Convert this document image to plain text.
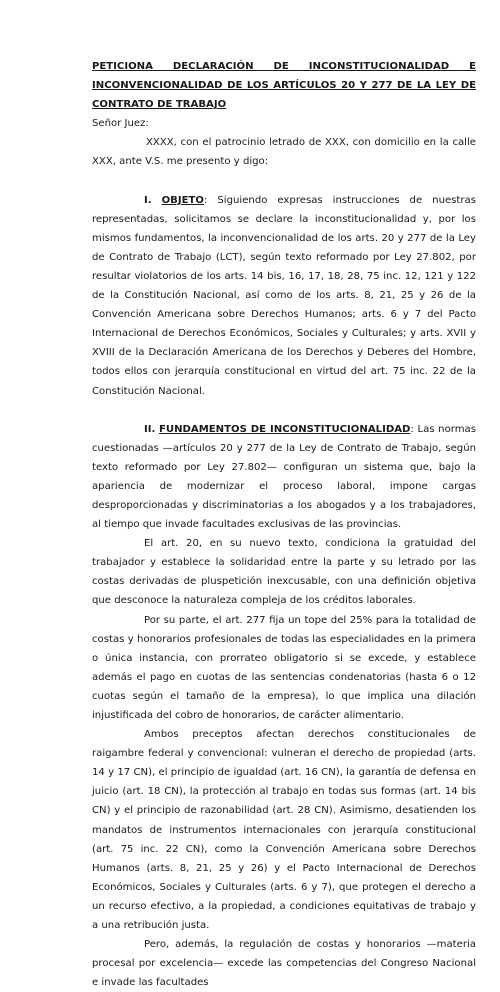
PETICIONA DECLARACIÓN DE INCONSTITUCIONALIDAD E

INCONVENCIONALIDAD DE LOS ARTÍCULOS 20 Y 277 DE LA LEY DE

CONTRATO DE TRABAJO

Señor Juez:

XXXX, con el patrocinio letrado de XXX, con domicilio en la calle XXX, ante V.S. me presento y digo:

I. OBJETO: Siguiendo expresas instrucciones de nuestras representadas, solicitamos se declare la inconstitucionalidad y, por los mismos fundamentos, la inconvencionalidad de los arts. 20 y 277 de la Ley de Contrato de Trabajo (LCT), según texto reformado por Ley 27.802, por resultar violatorios de los arts. 14 bis, 16, 17, 18, 28, 75 inc. 12, 121 y 122 de la Constitución Nacional, así como de los arts. 8, 21, 25 y 26 de la Convención Americana sobre Derechos Humanos; arts. 6 y 7 del Pacto Internacional de Derechos Económicos, Sociales y Culturales; y arts. XVII y XVIII de la Declaración Americana de los Derechos y Deberes del Hombre, todos ellos con jerarquía constitucional en virtud del art. 75 inc. 22 de la Constitución Nacional.

II. FUNDAMENTOS DE INCONSTITUCIONALIDAD: Las normas cuestionadas —artículos 20 y 277 de la Ley de Contrato de Trabajo, según texto reformado por Ley 27.802— configuran un sistema que, bajo la apariencia de modernizar el proceso laboral, impone cargas desproporcionadas y discriminatorias a los abogados y a los trabajadores, al tiempo que invade facultades exclusivas de las provincias.

El art. 20, en su nuevo texto, condiciona la gratuidad del trabajador y establece la solidaridad entre la parte y su letrado por las costas derivadas de pluspetición inexcusable, con una definición objetiva que desconoce la naturaleza compleja de los créditos laborales.

Por su parte, el art. 277 fija un tope del 25% para la totalidad de costas y honorarios profesionales de todas las especialidades en la primera o única instancia, con prorrateo obligatorio si se excede, y establece además el pago en cuotas de las sentencias condenatorias (hasta 6 o 12 cuotas según el tamaño de la empresa), lo que implica una dilación injustificada del cobro de honorarios, de carácter alimentario.

Ambos preceptos afectan derechos constitucionales de raigambre federal y convencional: vulneran el derecho de propiedad (arts. 14 y 17 CN), el principio de igualdad (art. 16 CN), la garantía de defensa en juicio (art. 18 CN), la protección al trabajo en todas sus formas (art. 14 bis CN) y el principio de razonabilidad (art. 28 CN). Asimismo, desatienden los mandatos de instrumentos internacionales con jerarquía constitucional (art. 75 inc. 22 CN), como la Convención Americana sobre Derechos Humanos (arts. 8, 21, 25 y 26) y el Pacto Internacional de Derechos Económicos, Sociales y Culturales (arts. 6 y 7), que protegen el derecho a un recurso efectivo, a la propiedad, a condiciones equitativas de trabajo y a una retribución justa.

Pero, además, la regulación de costas y honorarios —materia procesal por excelencia— excede las competencias del Congreso Nacional e invade las facultades
